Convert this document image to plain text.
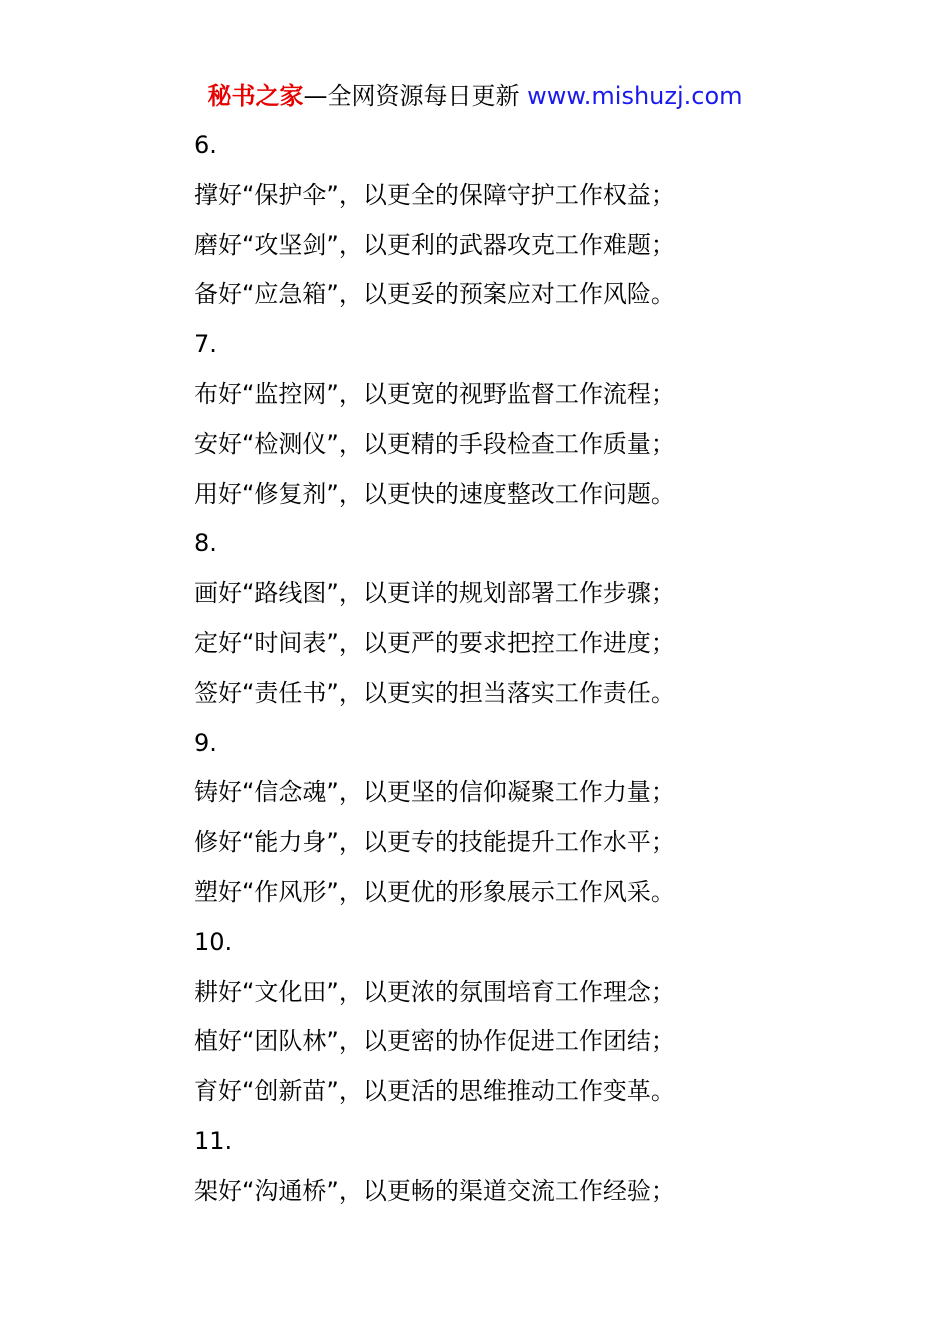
秘书之家—全网资源每日更新 www.mishuzj.com
6.
撑好“保护伞”，以更全的保障守护工作权益；
磨好“攻坚剑”，以更利的武器攻克工作难题；
备好“应急箱”，以更妥的预案应对工作风险。
7.
布好“监控网”，以更宽的视野监督工作流程；
安好“检测仪”，以更精的手段检查工作质量；
用好“修复剂”，以更快的速度整改工作问题。
8.
画好“路线图”，以更详的规划部署工作步骤；
定好“时间表”，以更严的要求把控工作进度；
签好“责任书”，以更实的担当落实工作责任。
9.
铸好“信念魂”，以更坚的信仰凝聚工作力量；
修好“能力身”，以更专的技能提升工作水平；
塑好“作风形”，以更优的形象展示工作风采。
10.
耕好“文化田”，以更浓的氛围培育工作理念；
植好“团队林”，以更密的协作促进工作团结；
育好“创新苗”，以更活的思维推动工作变革。
11.
架好“沟通桥”，以更畅的渠道交流工作经验；
